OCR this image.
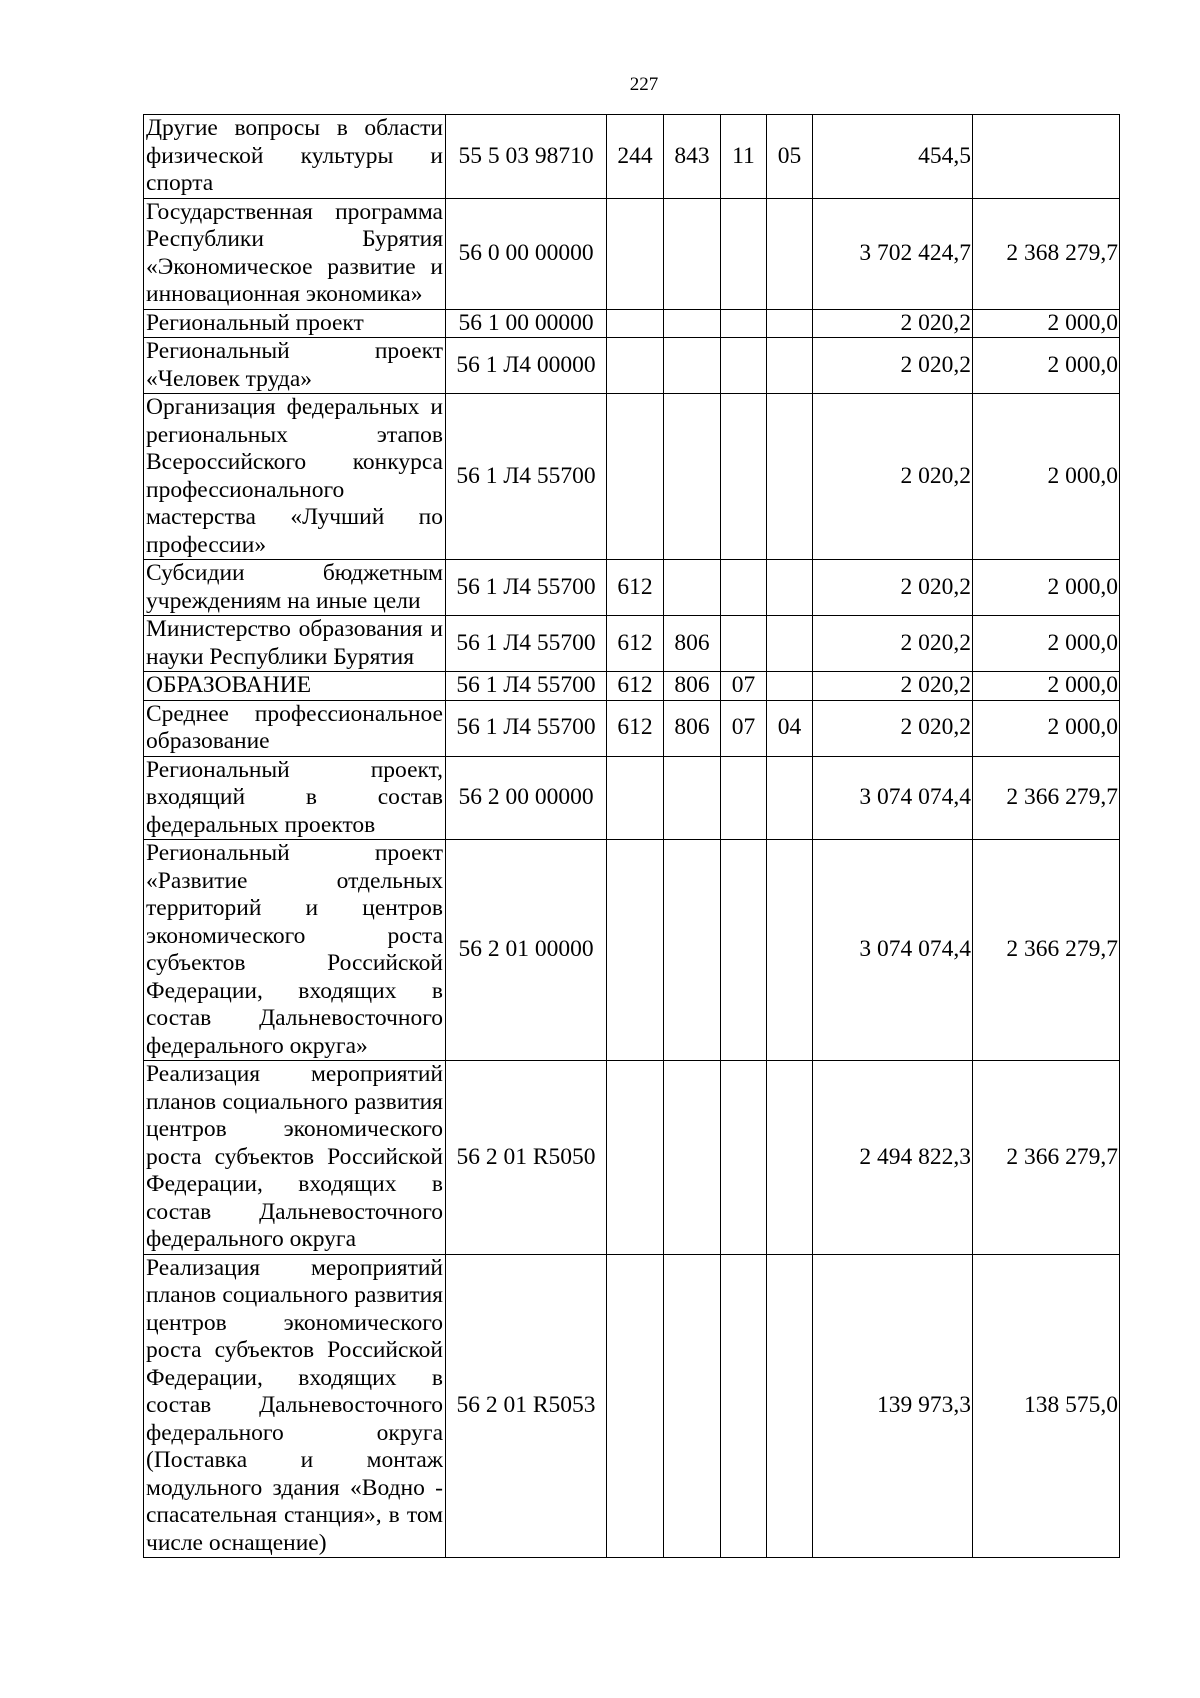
227
Другие вопросы в области физической культуры и спорта	55 5 03 98710	244	843	11	05	454,5	
Государственная программа Республики Бурятия «Экономическое развитие и инновационная экономика»	56 0 00 00000					3 702 424,7	2 368 279,7
Региональный проект	56 1 00 00000					2 020,2	2 000,0
Региональный проект «Человек труда»	56 1 Л4 00000					2 020,2	2 000,0
Организация федеральных и региональных этапов Всероссийского конкурса профессионального мастерства «Лучший по профессии»	56 1 Л4 55700					2 020,2	2 000,0
Субсидии бюджетным учреждениям на иные цели	56 1 Л4 55700	612				2 020,2	2 000,0
Министерство образования и науки Республики Бурятия	56 1 Л4 55700	612	806			2 020,2	2 000,0
ОБРАЗОВАНИЕ	56 1 Л4 55700	612	806	07		2 020,2	2 000,0
Среднее профессиональное образование	56 1 Л4 55700	612	806	07	04	2 020,2	2 000,0
Региональный проект, входящий в состав федеральных проектов	56 2 00 00000					3 074 074,4	2 366 279,7
Региональный проект «Развитие отдельных территорий и центров экономического роста субъектов Российской Федерации, входящих в состав Дальневосточного федерального округа»	56 2 01 00000					3 074 074,4	2 366 279,7
Реализация мероприятий планов социального развития центров экономического роста субъектов Российской Федерации, входящих в состав Дальневосточного федерального округа	56 2 01 R5050					2 494 822,3	2 366 279,7
Реализация мероприятий планов социального развития центров экономического роста субъектов Российской Федерации, входящих в состав Дальневосточного федерального округа (Поставка и монтаж модульного здания «Водно - спасательная станция», в том числе оснащение)	56 2 01 R5053					139 973,3	138 575,0
